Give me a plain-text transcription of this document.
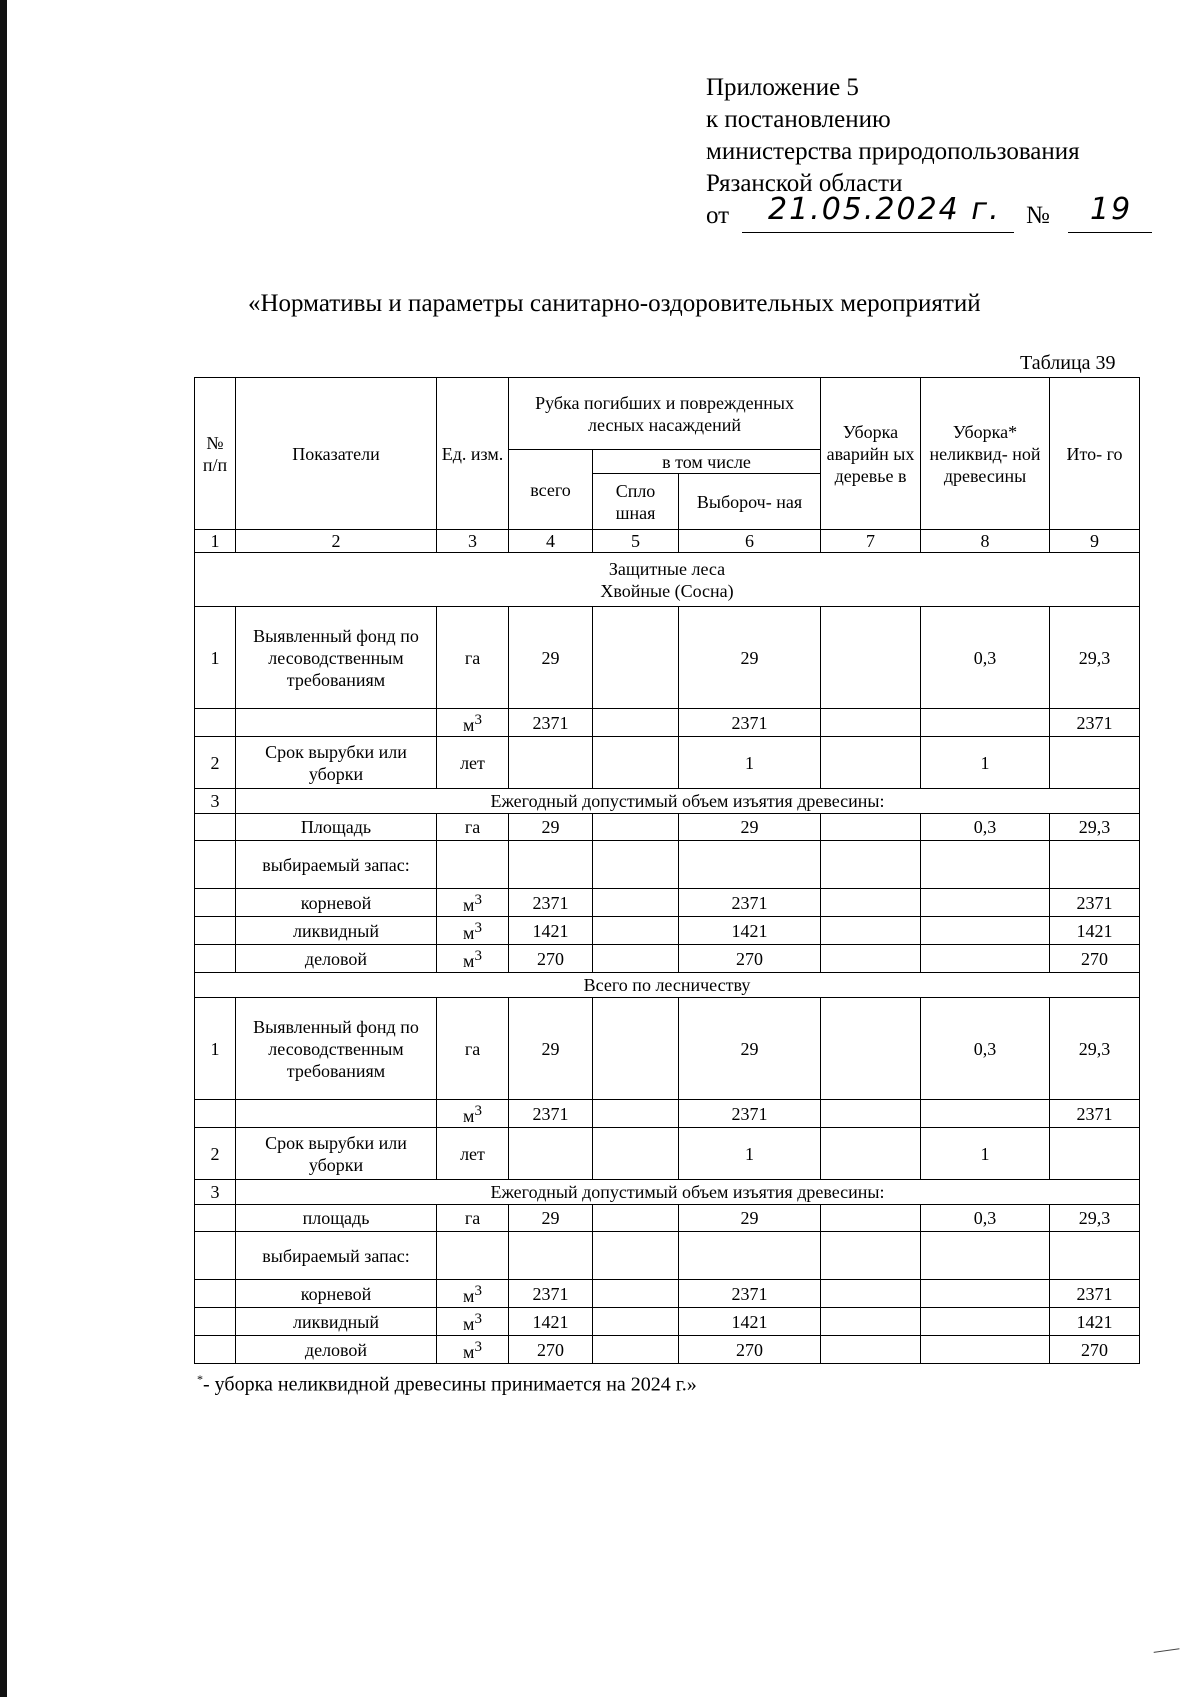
Приложение 5
к постановлению
министерства природопользования
Рязанской области
от 21.05.2024 г. № 19
«Нормативы и параметры санитарно-оздоровительных мероприятий
Таблица 39
№ п/п	Показатели	Ед. изм.	Рубка погибших и поврежденных лесных насаждений			Уборка аварийн ых деревье в	Уборка* неликвид- ной древесины	Ито- го
			всего	в том числе				
				Спло шная	Выбороч- ная			
1	2	3	4	5	6	7	8	9

Защитные леса
Хвойные (Сосна)								

1	Выявленный фонд по лесоводственным требованиям	га	29		29		0,3	29,3
		$м^3$	2371		2371			2371
2	Срок вырубки или уборки	лет			1		1	
3	Ежегодный допустимый объем изъятия древесины:							
	Площадь	га	29		29		0,3	29,3
	выбираемый запас:							
	корневой	$м^3$	2371		2371			2371
	ликвидный	$м^3$	1421		1421			1421
	деловой	$м^3$	270		270			270
Всего по лесничеству								
1	Выявленный фонд по лесоводственным требованиям	га	29		29		0,3	29,3
		$м^3$	2371		2371			2371
2	Срок вырубки или уборки	лет			1		1	
3	Ежегодный допустимый объем изъятия древесины:							
	площадь	га	29		29		0,3	29,3
	выбираемый запас:							
	корневой	$м^3$	2371		2371			2371
	ликвидный	$м^3$	1421		1421			1421
	деловой	$м^3$	270		270			270
*- уборка неликвидной древесины принимается на 2024 г.»
